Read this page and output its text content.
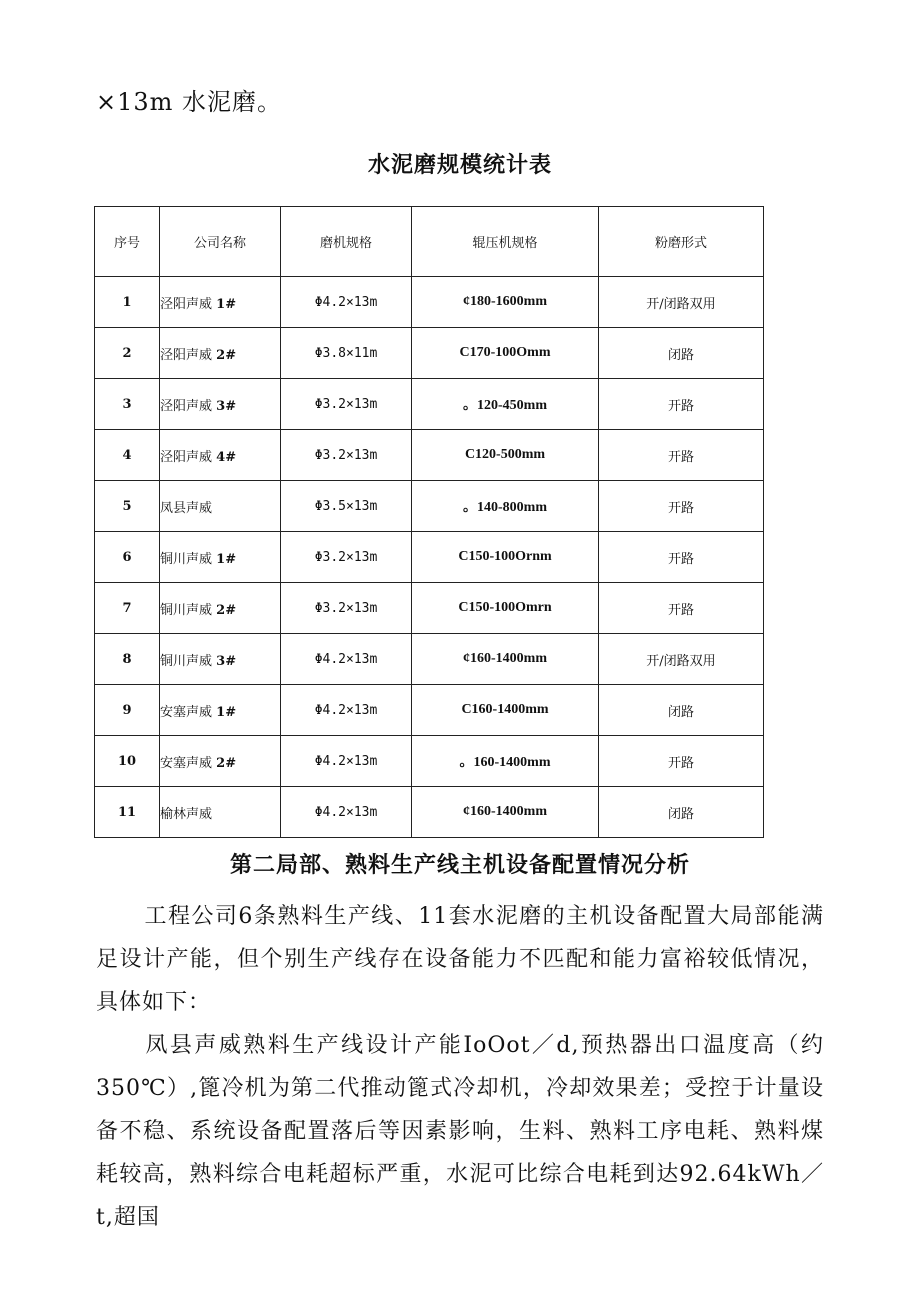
×13m 水泥磨。
水泥磨规模统计表
序号	公司名称	磨机规格	辊压机规格	粉磨形式
1	泾阳声威 1#	Φ4.2×13m	¢180-1600mm	开/闭路双用
2	泾阳声威 2#	Φ3.8×11m	C170-100Omm	闭路
3	泾阳声威 3#	Φ3.2×13m	。120-450mm	开路
4	泾阳声威 4#	Φ3.2×13m	C120-500mm	开路
5	凤县声威	Φ3.5×13m	。140-800mm	开路
6	铜川声威 1#	Φ3.2×13m	C150-100Ornm	开路
7	铜川声威 2#	Φ3.2×13m	C150-100Omrn	开路
8	铜川声威 3#	Φ4.2×13m	¢160-1400mm	开/闭路双用
9	安塞声威 1#	Φ4.2×13m	C160-1400mm	闭路
10	安塞声威 2#	Φ4.2×13m	。160-1400mm	开路
11	榆林声威	Φ4.2×13m	¢160-1400mm	闭路
第二局部、熟料生产线主机设备配置情况分析

工程公司6条熟料生产线、11套水泥磨的主机设备配置大局部能满足设计产能，但个别生产线存在设备能力不匹配和能力富裕较低情况，具体如下：

凤县声威熟料生产线设计产能IoOot／d,预热器出口温度高（约350℃）,篦冷机为第二代推动篦式冷却机，冷却效果差；受控于计量设备不稳、系统设备配置落后等因素影响，生料、熟料工序电耗、熟料煤耗较高，熟料综合电耗超标严重，水泥可比综合电耗到达92.64kWh／t,超国
